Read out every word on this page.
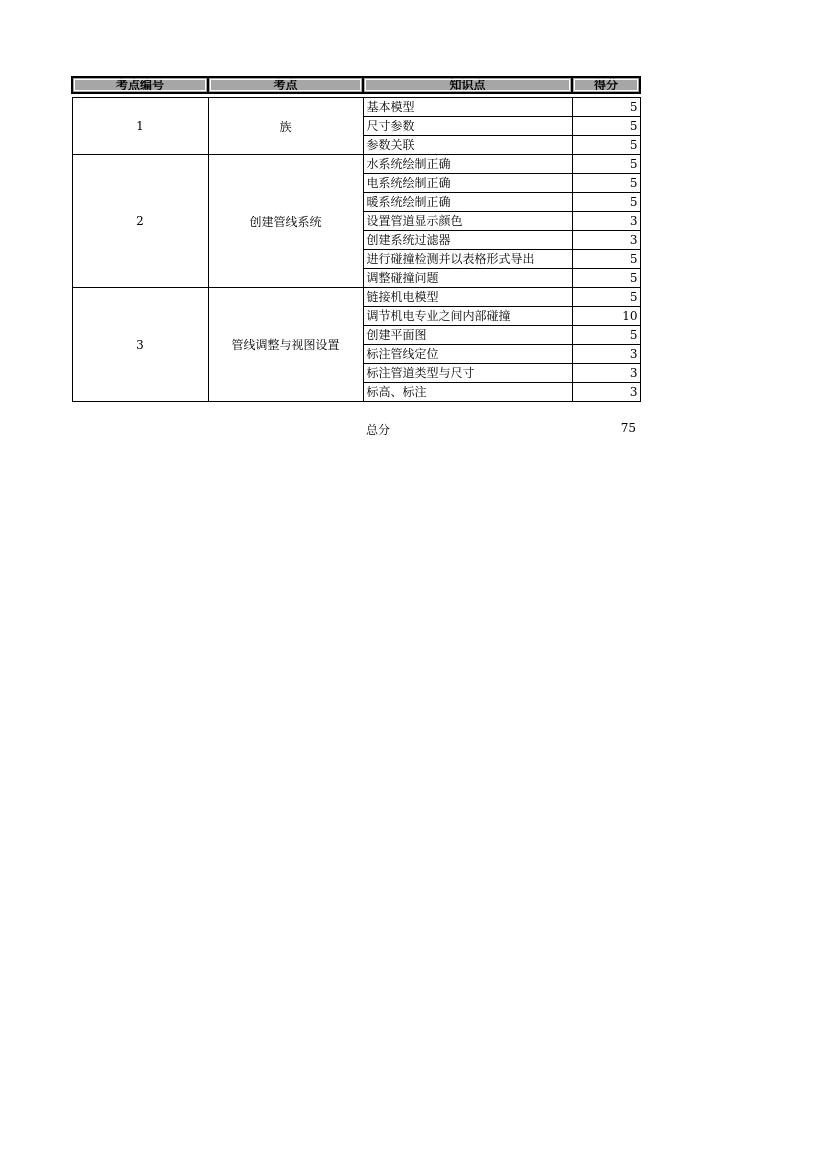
考点编号	考点	知识点	得分

1	族	基本模型	5
		尺寸参数	5
		参数关联	5
2	创建管线系统	水系统绘制正确	5
		电系统绘制正确	5
		暖系统绘制正确	5
		设置管道显示颜色	3
		创建系统过滤器	3
		进行碰撞检测并以表格形式导出	5
		调整碰撞问题	5
3	管线调整与视图设置	链接机电模型	5
		调节机电专业之间内部碰撞	10
		创建平面图	5
		标注管线定位	3
		标注管道类型与尺寸	3
		标高、标注	3
总分	75
